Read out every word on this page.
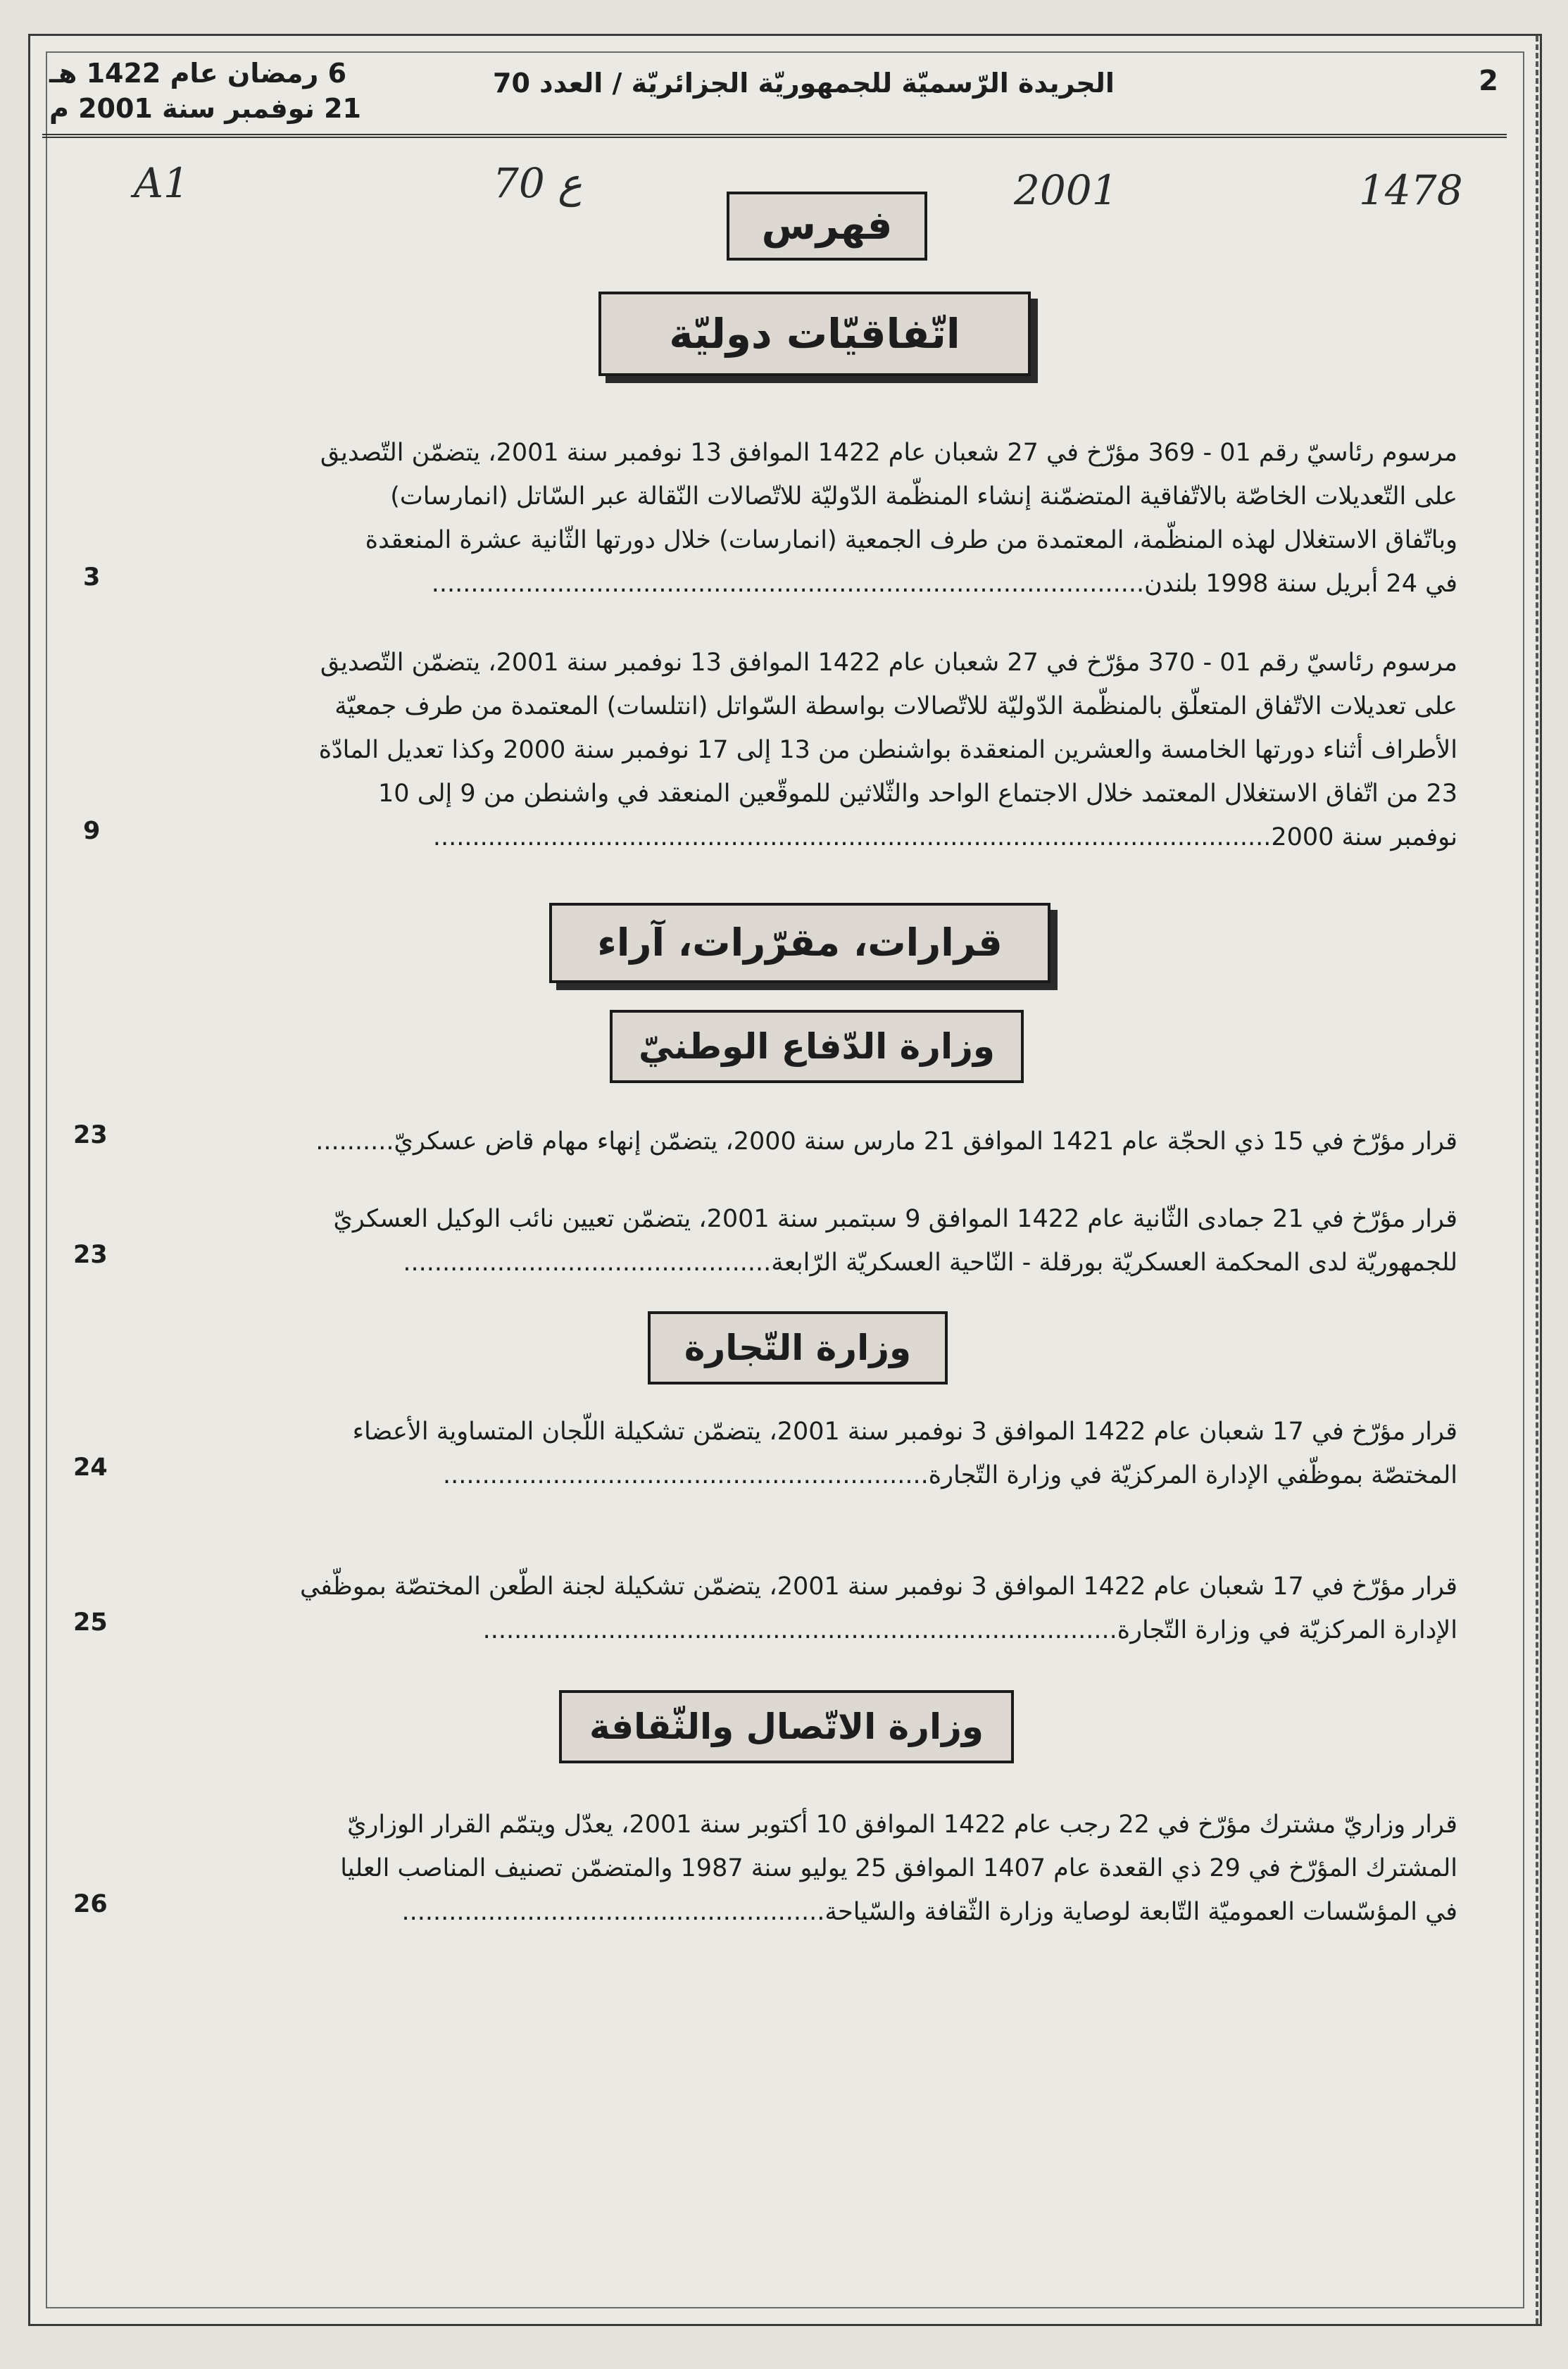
2
الجريدة الرّسميّة للجمهوريّة الجزائريّة / العدد 70
6 رمضان عام 1422 هـ
21 نوفمبر سنة 2001 م
A1	70 ع	2001	1478
فهرس
اتّفاقيّات دوليّة
مرسوم رئاسيّ رقم 01 - 369 مؤرّخ في 27 شعبان عام 1422 الموافق 13 نوفمبر سنة 2001، يتضمّن التّصديق
على التّعديلات الخاصّة بالاتّفاقية المتضمّنة إنشاء المنظّمة الدّوليّة للاتّصالات النّقالة عبر السّاتل (انمارسات)
وباتّفاق الاستغلال لهذه المنظّمة، المعتمدة من طرف الجمعية (انمارسات) خلال دورتها الثّانية عشرة المنعقدة
في 24 أبريل سنة 1998 بلندن...........................................................................................
3
مرسوم رئاسيّ رقم 01 - 370 مؤرّخ في 27 شعبان عام 1422 الموافق 13 نوفمبر سنة 2001، يتضمّن التّصديق
على تعديلات الاتّفاق المتعلّق بالمنظّمة الدّوليّة للاتّصالات بواسطة السّواتل (انتلسات) المعتمدة من طرف جمعيّة
الأطراف أثناء دورتها الخامسة والعشرين المنعقدة بواشنطن من 13 إلى 17 نوفمبر سنة 2000 وكذا تعديل المادّة
23 من اتّفاق الاستغلال المعتمد خلال الاجتماع الواحد والثّلاثين للموقّعين المنعقد في واشنطن من 9 إلى 10
نوفمبر سنة 2000...........................................................................................................
9
قرارات، مقرّرات، آراء
وزارة الدّفاع الوطنيّ
قرار مؤرّخ في 15 ذي الحجّة عام 1421 الموافق 21 مارس سنة 2000، يتضمّن إنهاء مهام قاض عسكريّ..........
23
قرار مؤرّخ في 21 جمادى الثّانية عام 1422 الموافق 9 سبتمبر سنة 2001، يتضمّن تعيين نائب الوكيل العسكريّ
للجمهوريّة لدى المحكمة العسكريّة بورقلة - النّاحية العسكريّة الرّابعة...............................................
23
وزارة التّجارة
قرار مؤرّخ في 17 شعبان عام 1422 الموافق 3 نوفمبر سنة 2001، يتضمّن تشكيلة اللّجان المتساوية الأعضاء
المختصّة بموظّفي الإدارة المركزيّة في وزارة التّجارة..............................................................
24
قرار مؤرّخ في 17 شعبان عام 1422 الموافق 3 نوفمبر سنة 2001، يتضمّن تشكيلة لجنة الطّعن المختصّة بموظّفي
الإدارة المركزيّة في وزارة التّجارة.................................................................................
25
وزارة الاتّصال والثّقافة
قرار وزاريّ مشترك مؤرّخ في 22 رجب عام 1422 الموافق 10 أكتوبر سنة 2001، يعدّل ويتمّم القرار الوزاريّ
المشترك المؤرّخ في 29 ذي القعدة عام 1407 الموافق 25 يوليو سنة 1987 والمتضمّن تصنيف المناصب العليا
في المؤسّسات العموميّة التّابعة لوصاية وزارة الثّقافة والسّياحة......................................................
26
